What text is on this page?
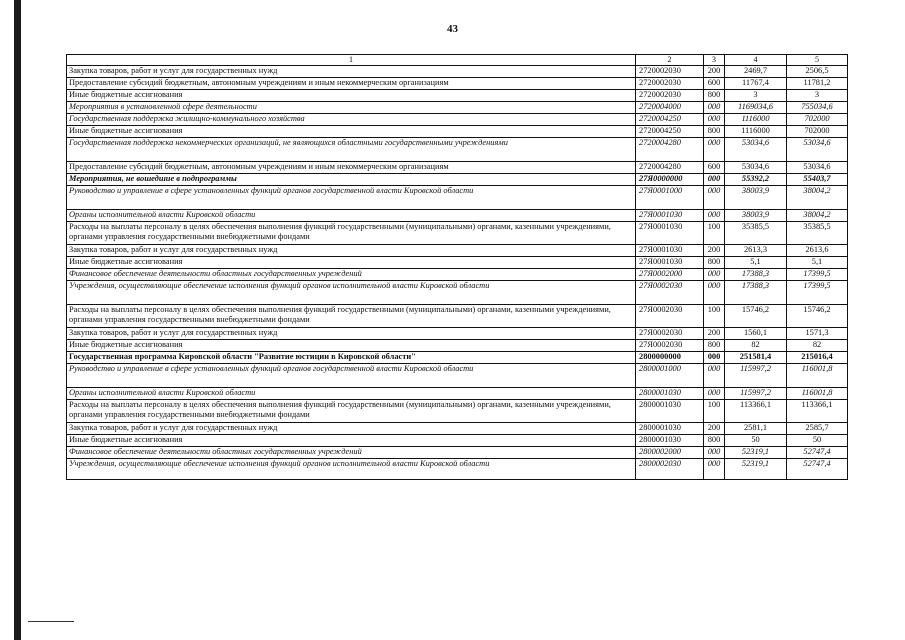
43
1	2	3	4	5
Закупка товаров, работ и услуг для государственных нужд	2720002030	200	2469,7	2506,5
Предоставление субсидий бюджетным, автономным учреждениям и иным некоммерческим организациям	2720002030	600	11767,4	11781,2
Иные бюджетные ассигнования	2720002030	800	3	3
Мероприятия в установленной сфере деятельности	2720004000	000	1169034,6	755034,6
Государственная поддержка жилищно-коммунального хозяйства	2720004250	000	1116000	702000
Иные бюджетные ассигнования	2720004250	800	1116000	702000
Государственная поддержка некоммерческих организаций, не являющихся областными государственными учреждениями	2720004280	000	53034,6	53034,6
Предоставление субсидий бюджетным, автономным учреждениям и иным некоммерческим организациям	2720004280	600	53034,6	53034,6
Мероприятия, не вошедшие в подпрограммы	27Я0000000	000	55392,2	55403,7
Руководство и управление в сфере установленных функций органов государственной власти Кировской области	27Я0001000	000	38003,9	38004,2
Органы исполнительной власти Кировской области	27Я0001030	000	38003,9	38004,2
Расходы на выплаты персоналу в целях обеспечения выполнения функций государственными (муниципальными) органами, казенными учреждениями, органами управления государственными внебюджетными фондами	27Я0001030	100	35385,5	35385,5
Закупка товаров, работ и услуг для государственных нужд	27Я0001030	200	2613,3	2613,6
Иные бюджетные ассигнования	27Я0001030	800	5,1	5,1
Финансовое обеспечение деятельности областных государственных учреждений	27Я0002000	000	17388,3	17399,5
Учреждения, осуществляющие обеспечение исполнения функций органов исполнительной власти Кировской области	27Я0002030	000	17388,3	17399,5
Расходы на выплаты персоналу в целях обеспечения выполнения функций государственными (муниципальными) органами, казенными учреждениями, органами управления государственными внебюджетными фондами	27Я0002030	100	15746,2	15746,2
Закупка товаров, работ и услуг для государственных нужд	27Я0002030	200	1560,1	1571,3
Иные бюджетные ассигнования	27Я0002030	800	82	82
Государственная программа Кировской области "Развитие юстиции в Кировской области"	2800000000	000	251581,4	215016,4
Руководство и управление в сфере установленных функций органов государственной власти Кировской области	2800001000	000	115997,2	116001,8
Органы исполнительной власти Кировской области	2800001030	000	115997,2	116001,8
Расходы на выплаты персоналу в целях обеспечения выполнения функций государственными (муниципальными) органами, казенными учреждениями, органами управления государственными внебюджетными фондами	2800001030	100	113366,1	113366,1
Закупка товаров, работ и услуг для государственных нужд	2800001030	200	2581,1	2585,7
Иные бюджетные ассигнования	2800001030	800	50	50
Финансовое обеспечение деятельности областных государственных учреждений	2800002000	000	52319,1	52747,4
Учреждения, осуществляющие обеспечение исполнения функций органов исполнительной власти Кировской области	2800002030	000	52319,1	52747,4
